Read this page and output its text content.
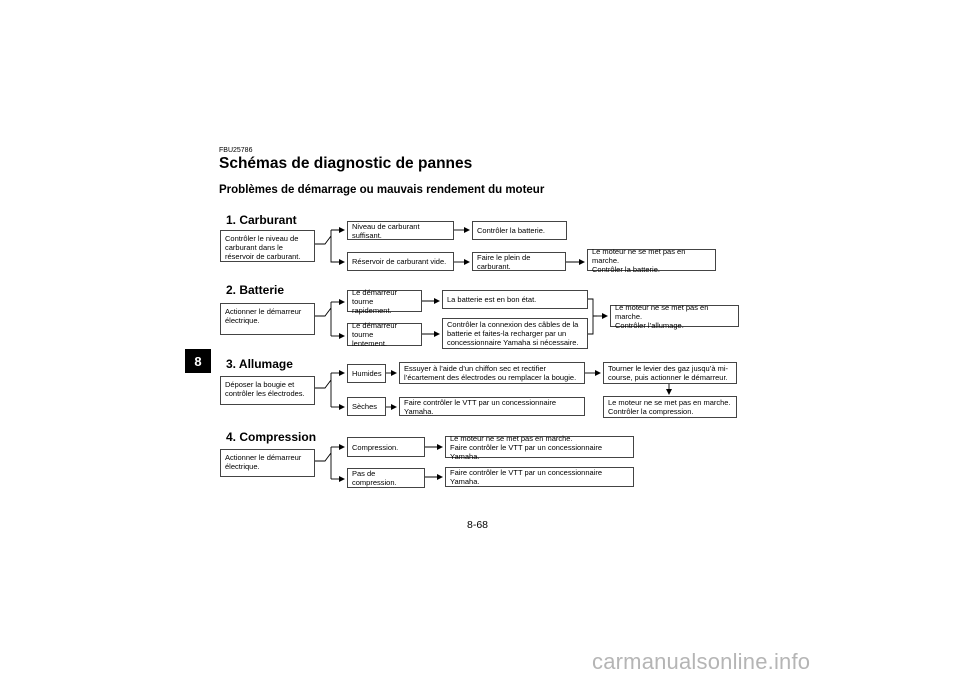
FBU25786
Schémas de diagnostic de pannes
Problèmes de démarrage ou mauvais rendement du moteur
8
1. Carburant
Contrôler le niveau de
carburant dans le
réservoir de carburant.
Niveau de carburant suffisant.	Contrôler la batterie.
Réservoir de carburant vide.	Faire le plein de carburant.
Le moteur ne se met pas en marche.
Contrôler la batterie.
2. Batterie
Actionner le démarreur
électrique.
Le démarreur tourne
rapidement.
La batterie est en bon état.
Le démarreur tourne
lentement.
Contrôler la connexion des câbles de la
batterie et faites-la recharger par un
concessionnaire Yamaha si nécessaire.
Le moteur ne se met pas en marche.
Contrôler l’allumage.
3. Allumage
Déposer la bougie et
contrôler les électrodes.
Humides
Essuyer à l’aide d’un chiffon sec et rectifier
l’écartement des électrodes ou remplacer la bougie.
Tourner le levier des gaz jusqu’à mi-
course, puis actionner le démarreur.
Sèches	Faire contrôler le VTT par un concessionnaire Yamaha.
Le moteur ne se met pas en marche.
Contrôler la compression.
4. Compression
Actionner le démarreur
électrique.
Compression.
Le moteur ne se met pas en marche.
Faire contrôler le VTT par un concessionnaire Yamaha.
Pas de compression.
Faire contrôler le VTT par un concessionnaire Yamaha.
8-68
carmanualsonline.info
